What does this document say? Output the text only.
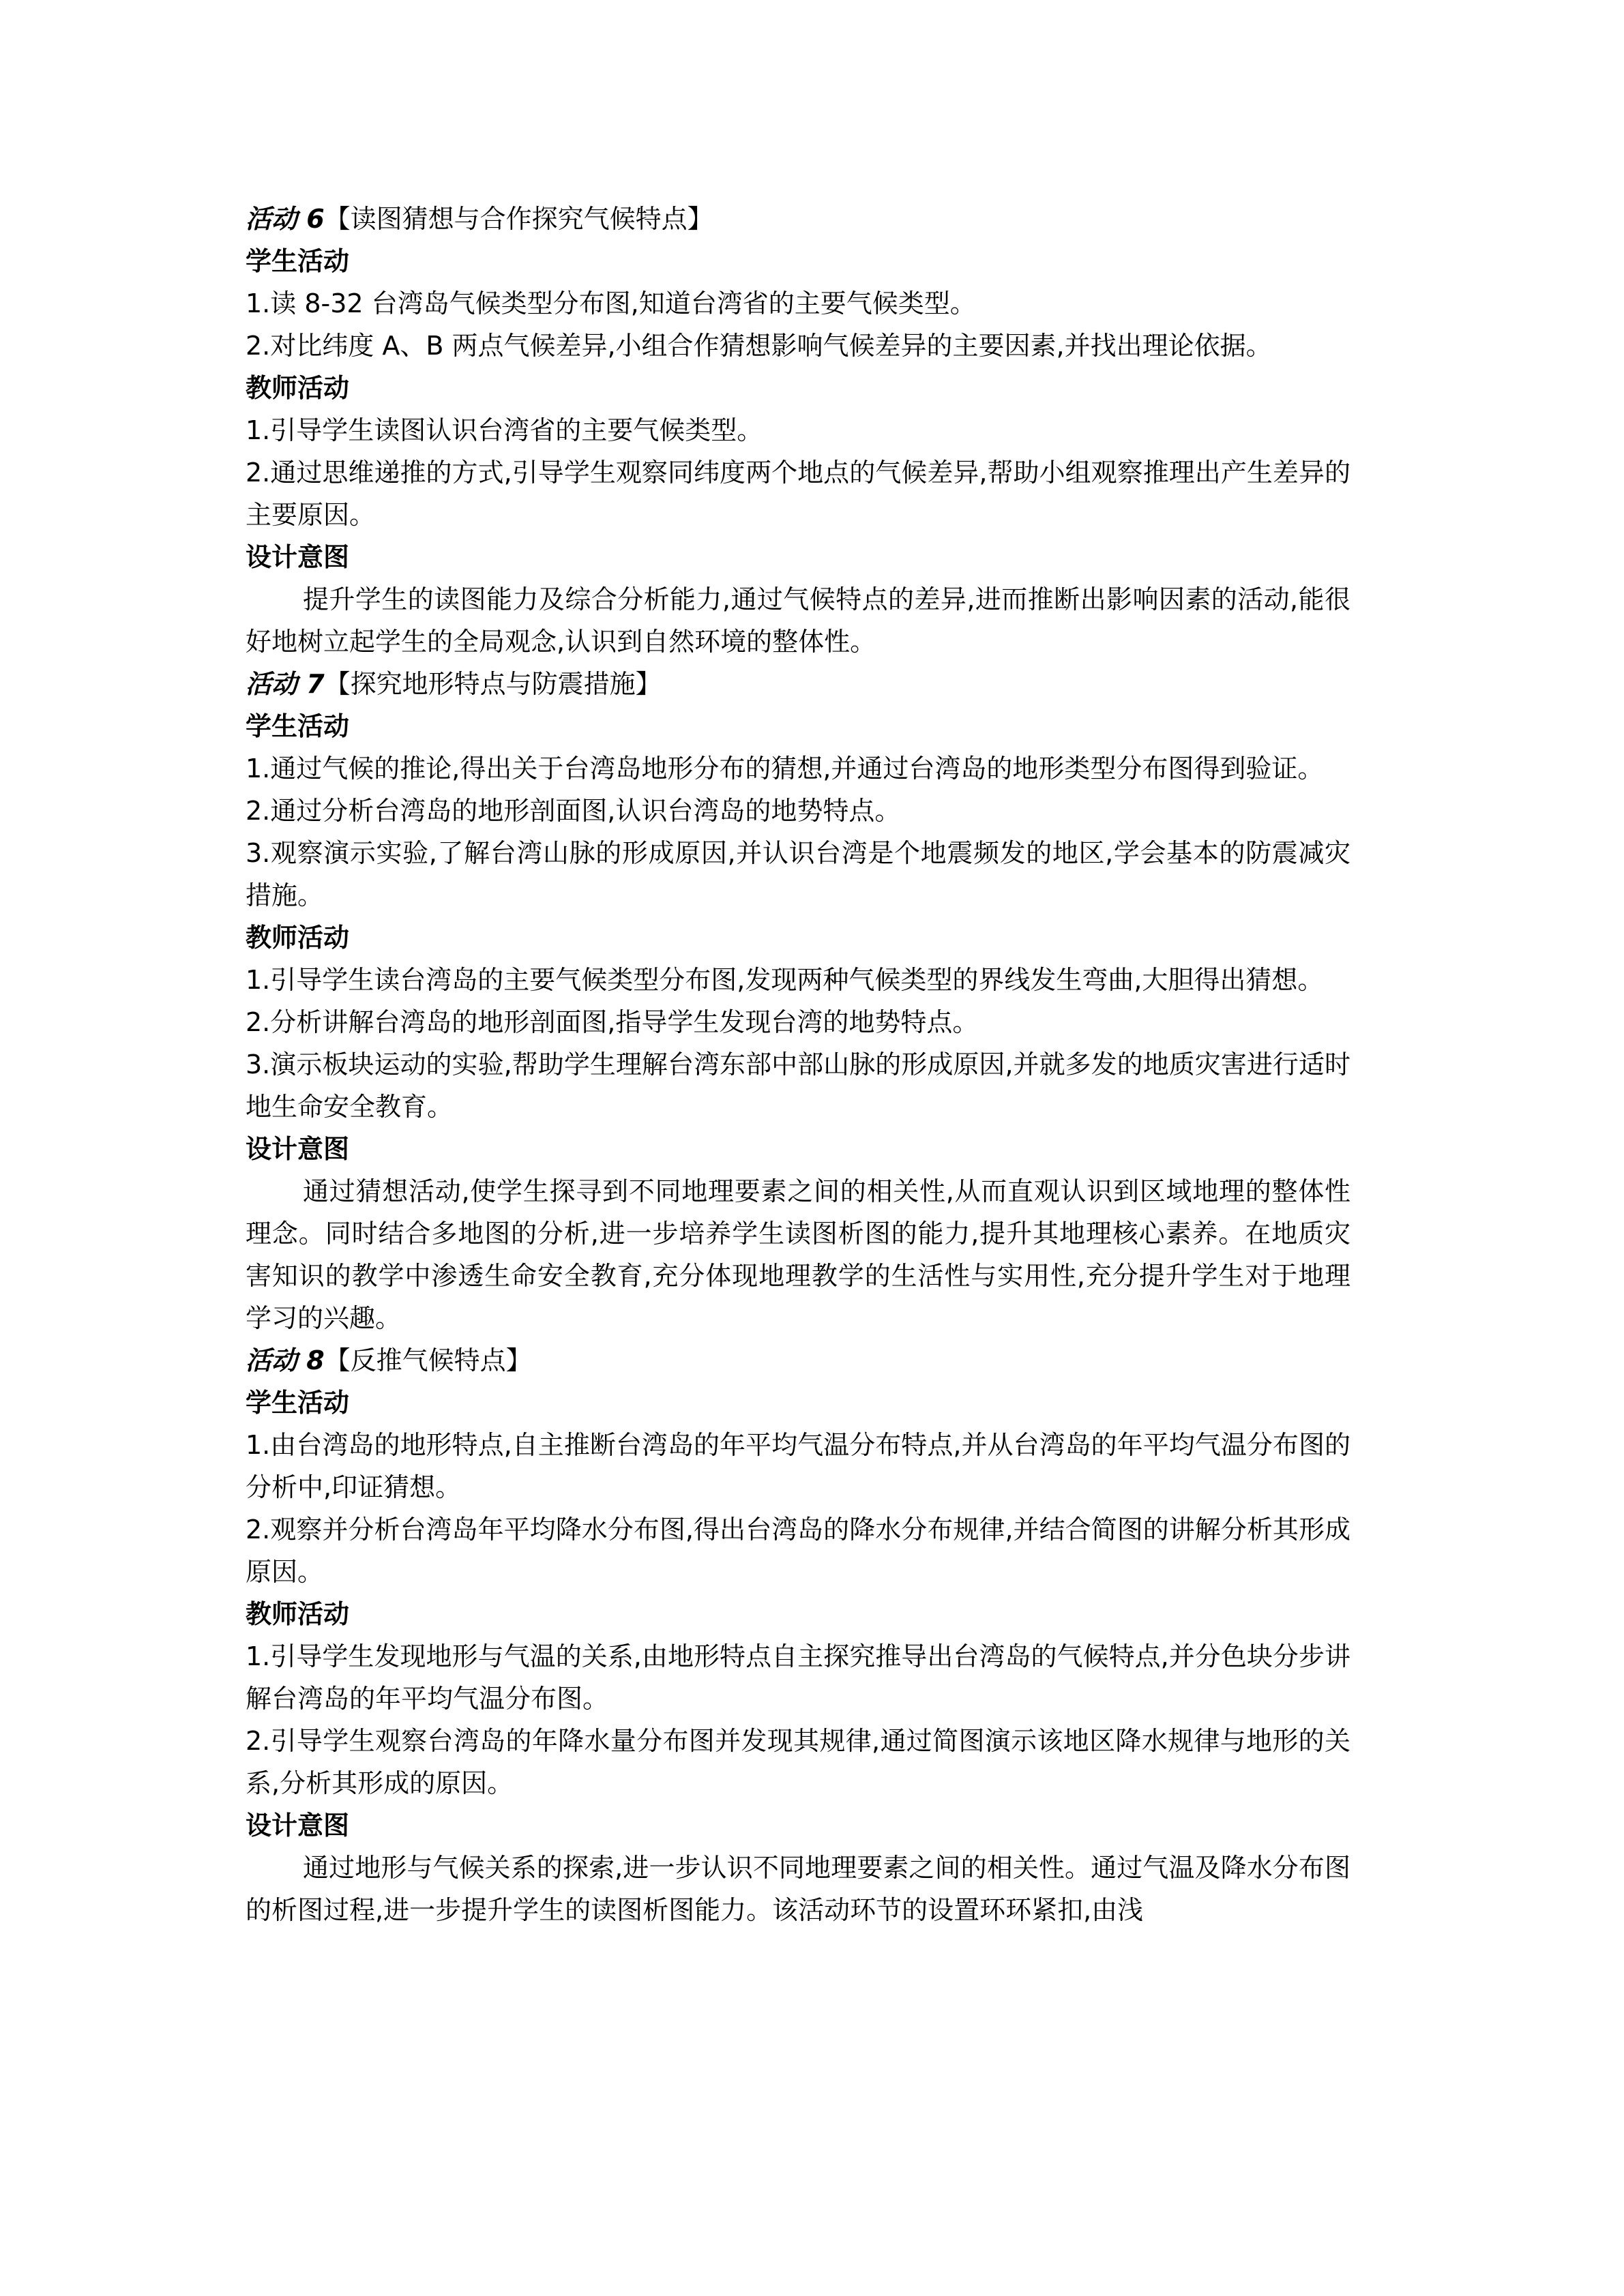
活动 6【读图猜想与合作探究气候特点】
学生活动
1.读 8-32 台湾岛气候类型分布图,知道台湾省的主要气候类型。
2.对比纬度 A、B 两点气候差异,小组合作猜想影响气候差异的主要因素,并找出理论依据。
教师活动
1.引导学生读图认识台湾省的主要气候类型。
2.通过思维递推的方式,引导学生观察同纬度两个地点的气候差异,帮助小组观察推理出产生差异的主要原因。
设计意图
提升学生的读图能力及综合分析能力,通过气候特点的差异,进而推断出影响因素的活动,能很好地树立起学生的全局观念,认识到自然环境的整体性。
活动 7【探究地形特点与防震措施】
学生活动
1.通过气候的推论,得出关于台湾岛地形分布的猜想,并通过台湾岛的地形类型分布图得到验证。
2.通过分析台湾岛的地形剖面图,认识台湾岛的地势特点。
3.观察演示实验,了解台湾山脉的形成原因,并认识台湾是个地震频发的地区,学会基本的防震减灾措施。
教师活动
1.引导学生读台湾岛的主要气候类型分布图,发现两种气候类型的界线发生弯曲,大胆得出猜想。
2.分析讲解台湾岛的地形剖面图,指导学生发现台湾的地势特点。
3.演示板块运动的实验,帮助学生理解台湾东部中部山脉的形成原因,并就多发的地质灾害进行适时地生命安全教育。
设计意图
通过猜想活动,使学生探寻到不同地理要素之间的相关性,从而直观认识到区域地理的整体性理念。同时结合多地图的分析,进一步培养学生读图析图的能力,提升其地理核心素养。在地质灾害知识的教学中渗透生命安全教育,充分体现地理教学的生活性与实用性,充分提升学生对于地理学习的兴趣。
活动 8【反推气候特点】
学生活动
1.由台湾岛的地形特点,自主推断台湾岛的年平均气温分布特点,并从台湾岛的年平均气温分布图的分析中,印证猜想。
2.观察并分析台湾岛年平均降水分布图,得出台湾岛的降水分布规律,并结合简图的讲解分析其形成原因。
教师活动
1.引导学生发现地形与气温的关系,由地形特点自主探究推导出台湾岛的气候特点,并分色块分步讲解台湾岛的年平均气温分布图。
2.引导学生观察台湾岛的年降水量分布图并发现其规律,通过简图演示该地区降水规律与地形的关系,分析其形成的原因。
设计意图
通过地形与气候关系的探索,进一步认识不同地理要素之间的相关性。通过气温及降水分布图的析图过程,进一步提升学生的读图析图能力。该活动环节的设置环环紧扣,由浅
